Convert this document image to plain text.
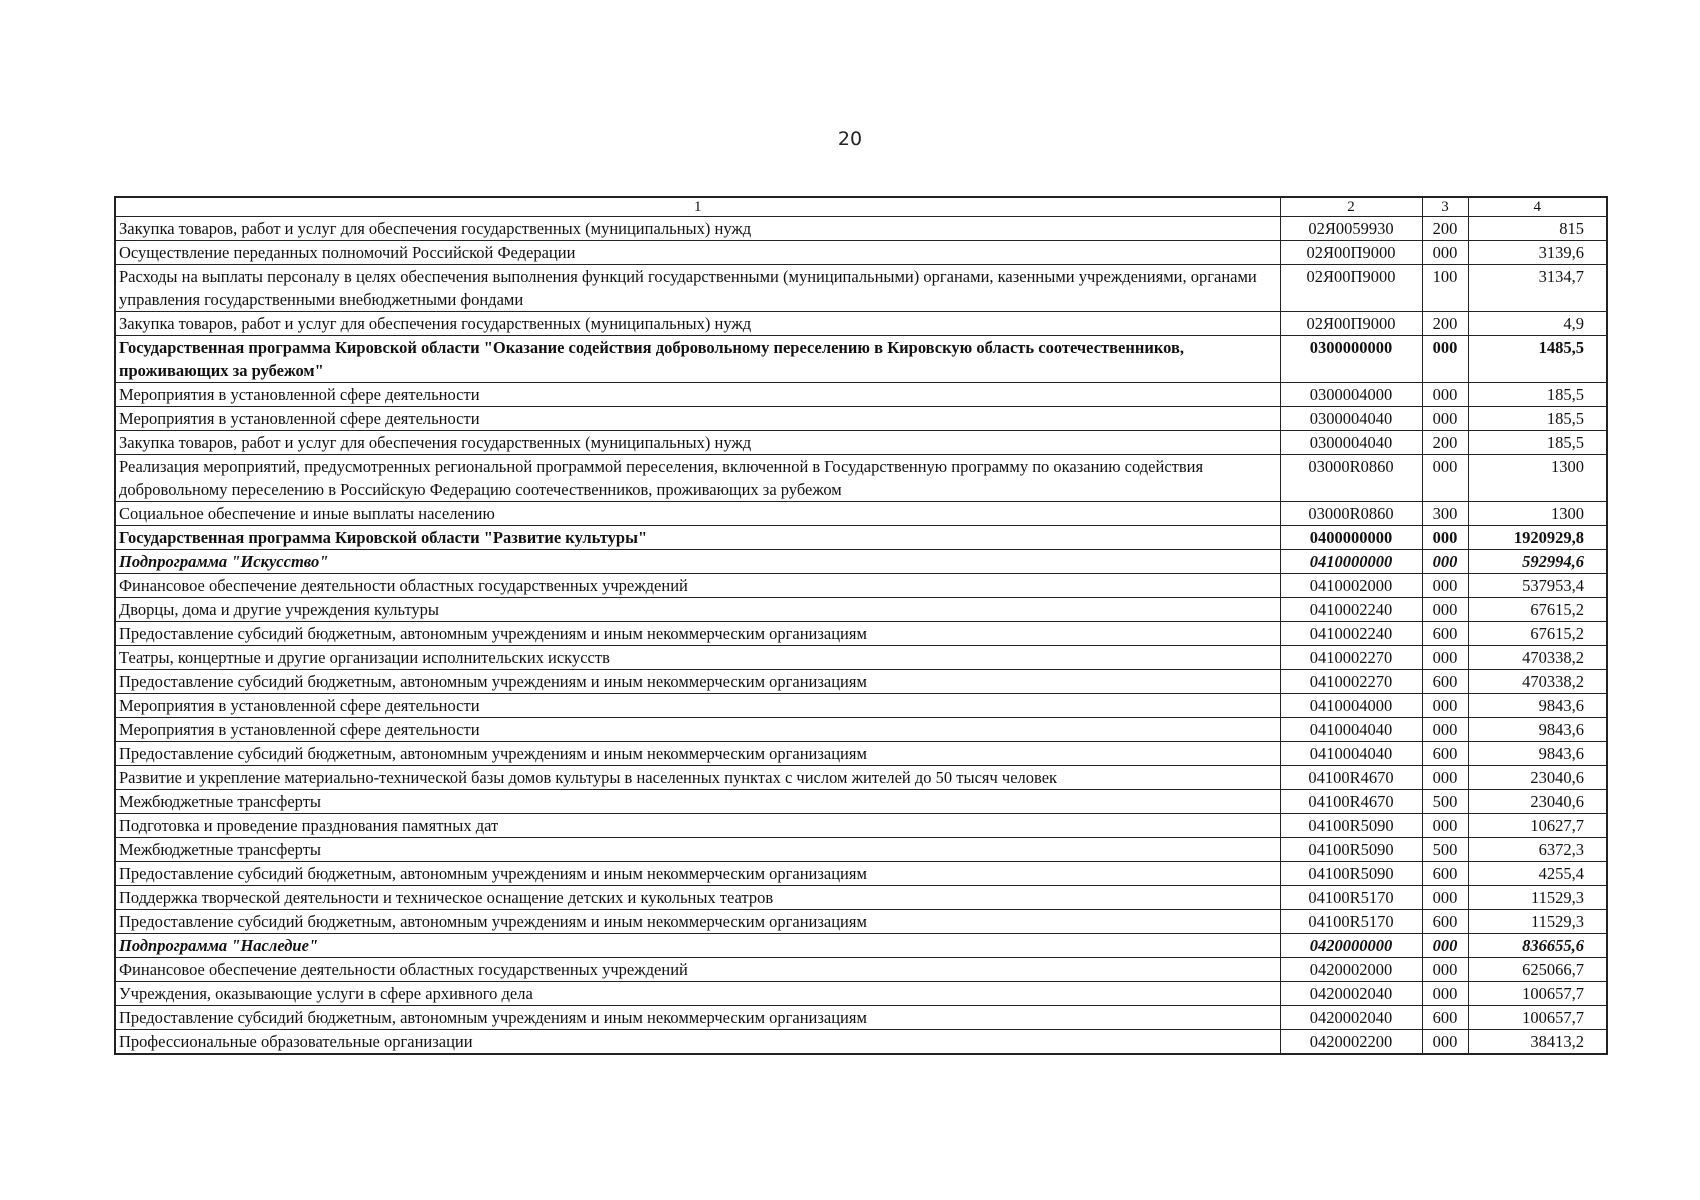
20
1	2	3	4
Закупка товаров, работ и услуг для обеспечения государственных (муниципальных) нужд	02Я0059930	200	815
Осуществление переданных полномочий Российской Федерации	02Я00П9000	000	3139,6
Расходы на выплаты персоналу в целях обеспечения выполнения функций государственными (муниципальными) органами, казенными учреждениями, органами управления государственными внебюджетными фондами	02Я00П9000	100	3134,7
Закупка товаров, работ и услуг для обеспечения государственных (муниципальных) нужд	02Я00П9000	200	4,9
Государственная программа Кировской области "Оказание содействия добровольному переселению в Кировскую область соотечественников, проживающих за рубежом"	0300000000	000	1485,5
Мероприятия в установленной сфере деятельности	0300004000	000	185,5
Мероприятия в установленной сфере деятельности	0300004040	000	185,5
Закупка товаров, работ и услуг для обеспечения государственных (муниципальных) нужд	0300004040	200	185,5
Реализация мероприятий, предусмотренных региональной программой переселения, включенной в Государственную программу по оказанию содействия добровольному переселению в Российскую Федерацию соотечественников, проживающих за рубежом	03000R0860	000	1300
Социальное обеспечение и иные выплаты населению	03000R0860	300	1300
Государственная программа Кировской области "Развитие культуры"	0400000000	000	1920929,8
Подпрограмма "Искусство"	0410000000	000	592994,6
Финансовое обеспечение деятельности областных государственных учреждений	0410002000	000	537953,4
Дворцы, дома и другие учреждения культуры	0410002240	000	67615,2
Предоставление субсидий бюджетным, автономным учреждениям и иным некоммерческим организациям	0410002240	600	67615,2
Театры, концертные и другие организации исполнительских искусств	0410002270	000	470338,2
Предоставление субсидий бюджетным, автономным учреждениям и иным некоммерческим организациям	0410002270	600	470338,2
Мероприятия в установленной сфере деятельности	0410004000	000	9843,6
Мероприятия в установленной сфере деятельности	0410004040	000	9843,6
Предоставление субсидий бюджетным, автономным учреждениям и иным некоммерческим организациям	0410004040	600	9843,6
Развитие и укрепление материально-технической базы домов культуры в населенных пунктах с числом жителей до 50 тысяч человек	04100R4670	000	23040,6
Межбюджетные трансферты	04100R4670	500	23040,6
Подготовка и проведение празднования памятных дат	04100R5090	000	10627,7
Межбюджетные трансферты	04100R5090	500	6372,3
Предоставление субсидий бюджетным, автономным учреждениям и иным некоммерческим организациям	04100R5090	600	4255,4
Поддержка творческой деятельности и техническое оснащение детских и кукольных театров	04100R5170	000	11529,3
Предоставление субсидий бюджетным, автономным учреждениям и иным некоммерческим организациям	04100R5170	600	11529,3
Подпрограмма "Наследие"	0420000000	000	836655,6
Финансовое обеспечение деятельности областных государственных учреждений	0420002000	000	625066,7
Учреждения, оказывающие услуги в сфере архивного дела	0420002040	000	100657,7
Предоставление субсидий бюджетным, автономным учреждениям и иным некоммерческим организациям	0420002040	600	100657,7
Профессиональные образовательные организации	0420002200	000	38413,2
